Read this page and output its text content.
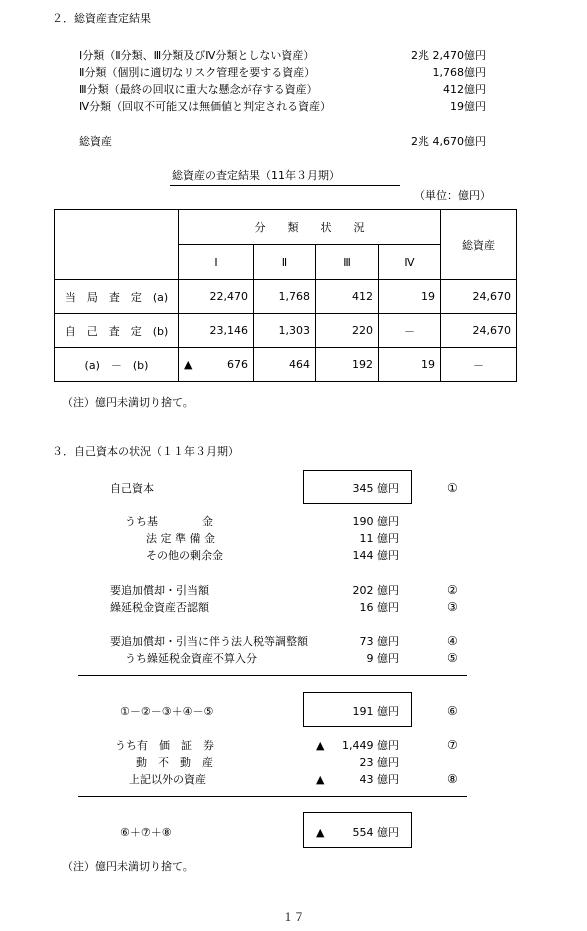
２．総資産査定結果
Ⅰ分類（Ⅱ分類、Ⅲ分類及びⅣ分類としない資産）	2兆 2,470億円
Ⅱ分類（個別に適切なリスク管理を要する資産）	1,768億円
Ⅲ分類（最終の回収に重大な懸念が存する資産）	412億円
Ⅳ分類（回収不可能又は無価値と判定される資産）	19億円
総資産	2兆 4,670億円
総資産の査定結果（11年３月期）
（単位：億円）
	分　　類　　状　　況				総資産
	Ⅰ	Ⅱ	Ⅲ	Ⅳ	
当　局　査　定　(a)	22,470	1,768	412	19	24,670
自　己　査　定　(b)	23,146	1,303	220	－	24,670
(a)　－　(b)	▲ 676	464	192	19	－
（注）億円未満切り捨て。
３．自己資本の状況（１１年３月期）
自己資本	345 億円	①
うち基　　　　金	190 億円
法 定 準 備 金	11 億円
その他の剰余金	144 億円
要追加償却・引当額	202 億円	②
繰延税金資産否認額	16 億円	③
要追加償却・引当に伴う法人税等調整額	73 億円	④
うち繰延税金資産不算入分	9 億円	⑤
①－②－③＋④－⑤	191 億円	⑥
うち有　価　証　券	▲	1,449 億円	⑦
動　不　動　産	23 億円
上記以外の資産	▲	43 億円	⑧
⑥＋⑦＋⑧	▲	554 億円
（注）億円未満切り捨て。
１７
